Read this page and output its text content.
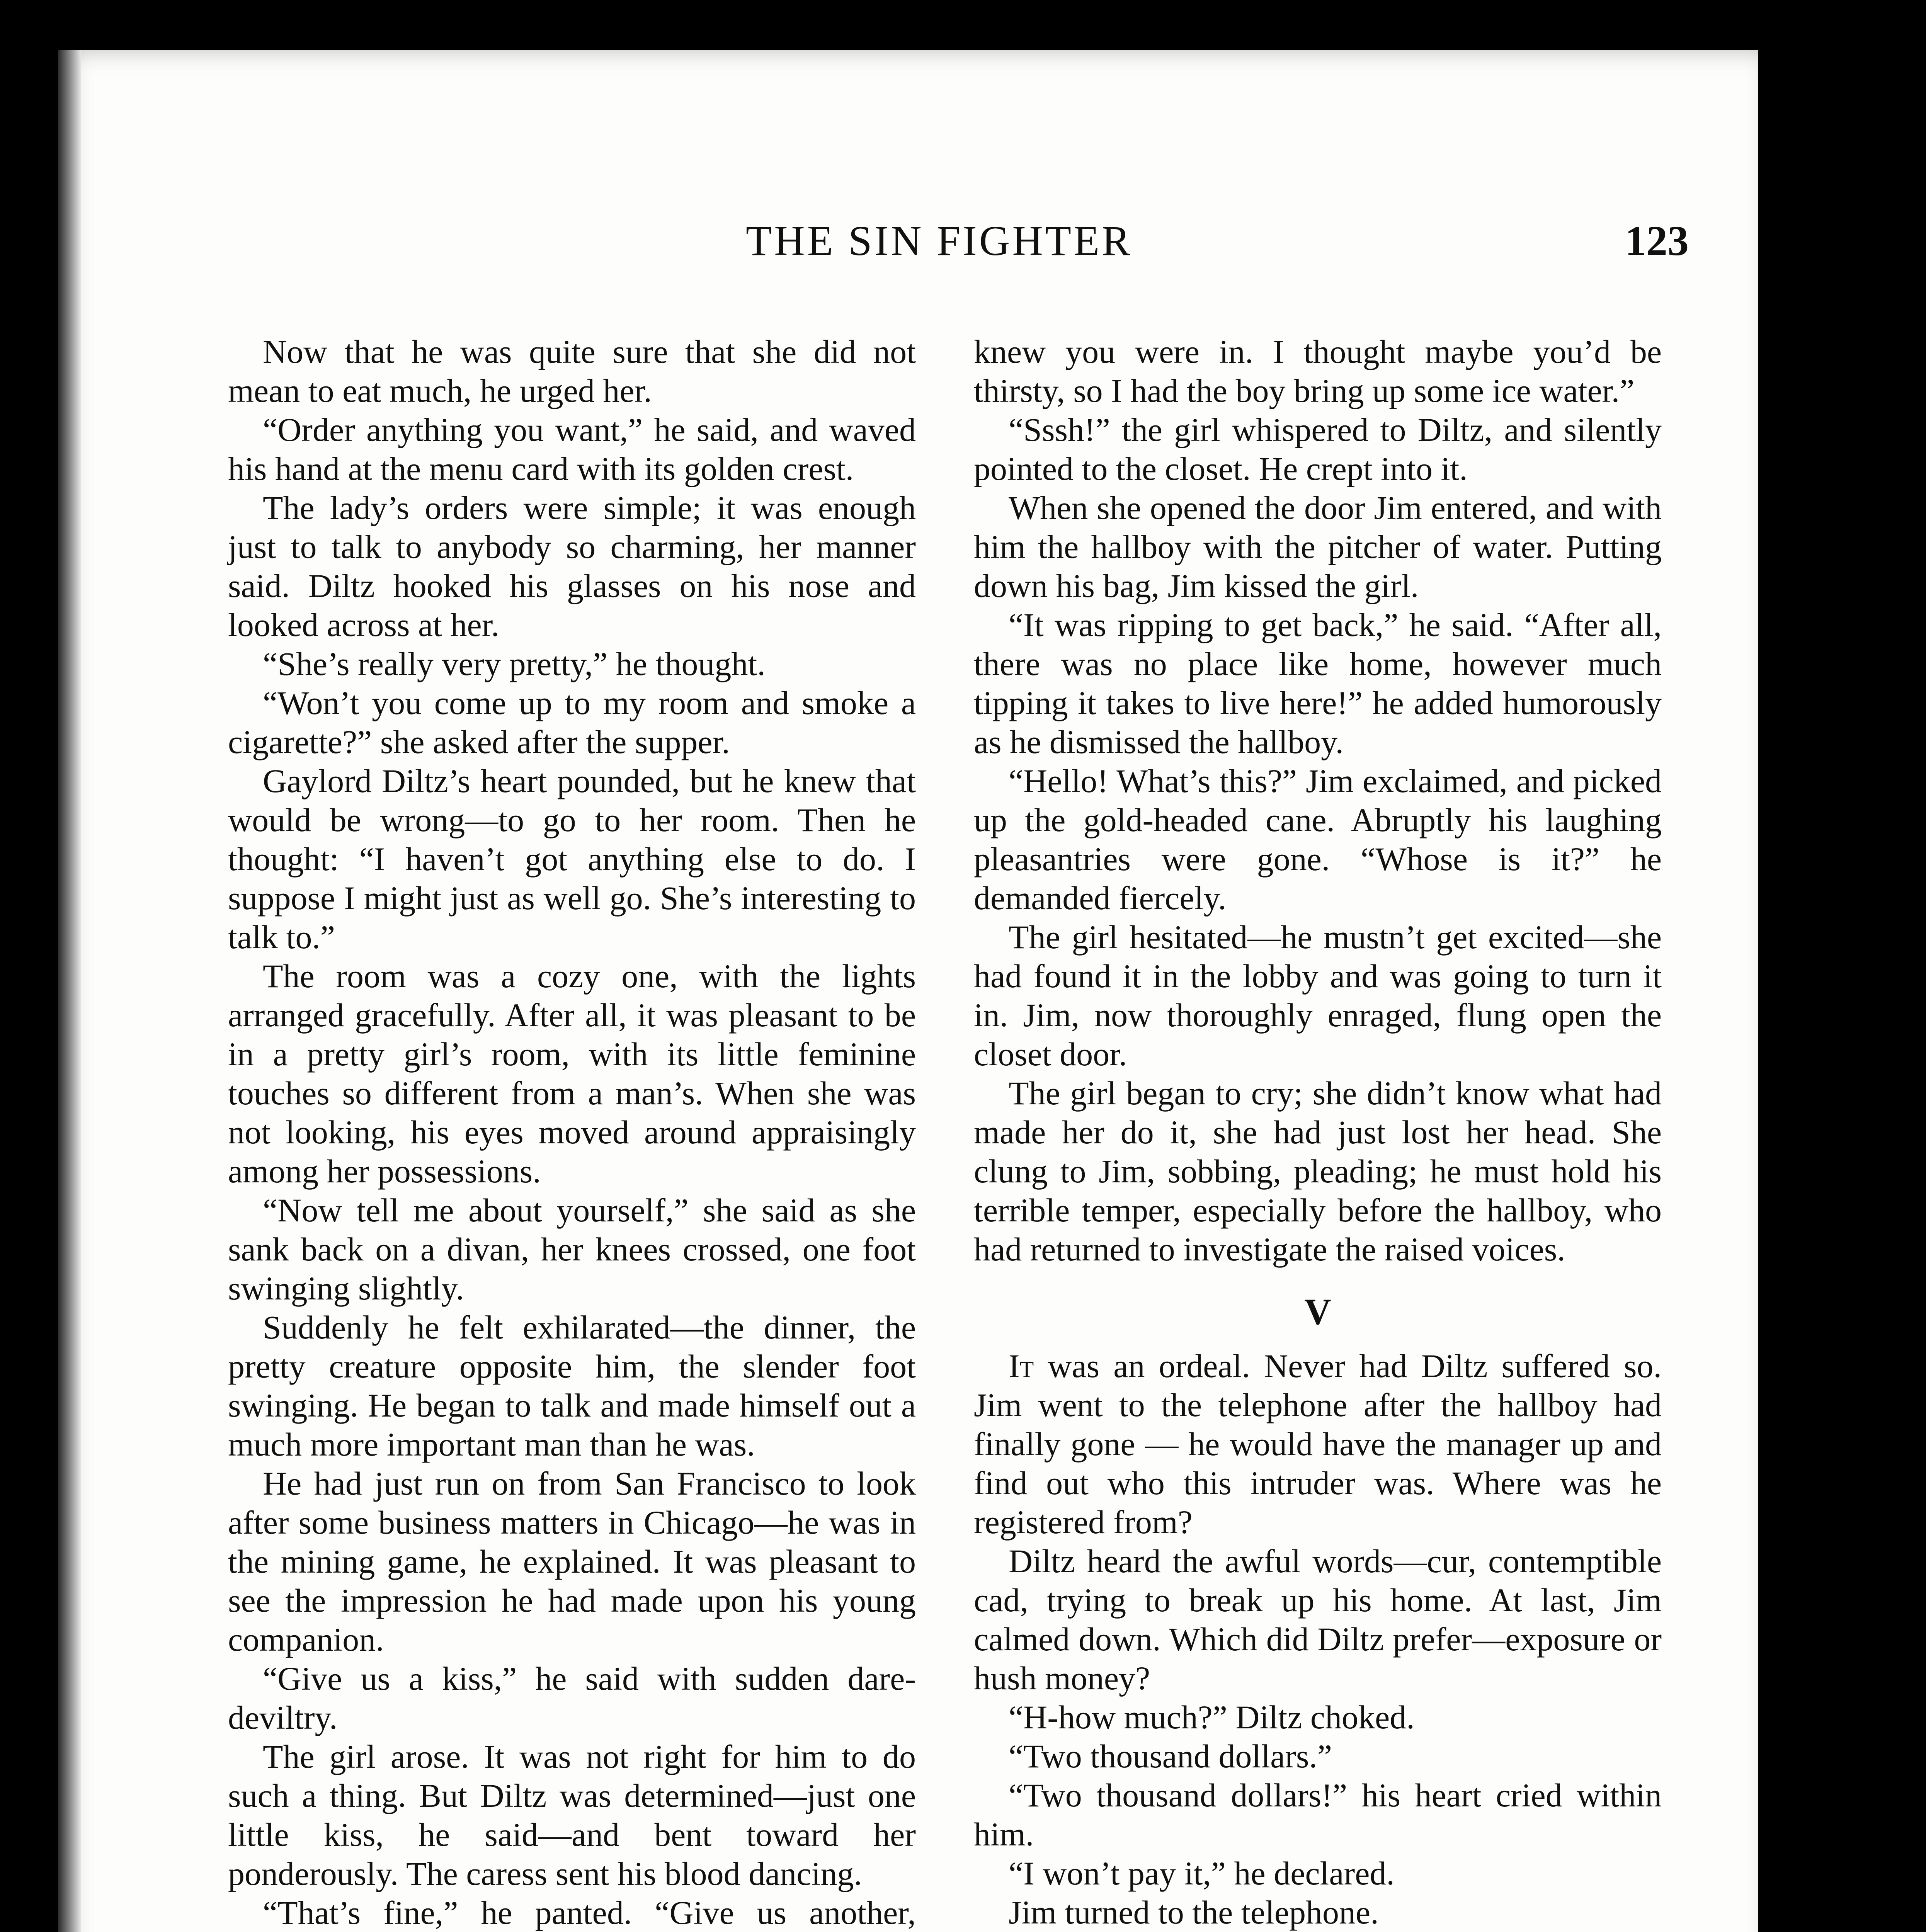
THE SIN FIGHTER	123

Now that he was quite sure that she did not mean to eat much, he urged her.

“Order anything you want,” he said, and waved his hand at the menu card with its golden crest.

The lady’s orders were simple; it was enough just to talk to anybody so charming, her manner said. Diltz hooked his glasses on his nose and looked across at her.

“She’s really very pretty,” he thought.

“Won’t you come up to my room and smoke a cigarette?” she asked after the supper.

Gaylord Diltz’s heart pounded, but he knew that would be wrong—to go to her room. Then he thought: “I haven’t got anything else to do. I suppose I might just as well go. She’s interesting to talk to.”

The room was a cozy one, with the lights arranged gracefully. After all, it was pleasant to be in a pretty girl’s room, with its little feminine touches so different from a man’s. When she was not looking, his eyes moved around appraisingly among her possessions.

“Now tell me about yourself,” she said as she sank back on a divan, her knees crossed, one foot swinging slightly.

Suddenly he felt exhilarated—the dinner, the pretty creature opposite him, the slender foot swinging. He began to talk and made himself out a much more important man than he was.

He had just run on from San Francisco to look after some business matters in Chicago—he was in the mining game, he explained. It was pleasant to see the impression he had made upon his young companion.

“Give us a kiss,” he said with sudden dare-deviltry.

The girl arose. It was not right for him to do such a thing. But Diltz was determined—just one little kiss, he said—and bent toward her ponderously. The caress sent his blood dancing.

“That’s fine,” he panted. “Give us another,

knew you were in. I thought maybe you’d be thirsty, so I had the boy bring up some ice water.”

“Sssh!” the girl whispered to Diltz, and silently pointed to the closet. He crept into it.

When she opened the door Jim entered, and with him the hallboy with the pitcher of water. Putting down his bag, Jim kissed the girl.

“It was ripping to get back,” he said. “After all, there was no place like home, however much tipping it takes to live here!” he added humorously as he dismissed the hallboy.

“Hello! What’s this?” Jim exclaimed, and picked up the gold-headed cane. Abruptly his laughing pleasantries were gone. “Whose is it?” he demanded fiercely.

The girl hesitated—he mustn’t get excited—she had found it in the lobby and was going to turn it in. Jim, now thoroughly enraged, flung open the closet door.

The girl began to cry; she didn’t know what had made her do it, she had just lost her head. She clung to Jim, sobbing, pleading; he must hold his terrible temper, especially before the hallboy, who had returned to investigate the raised voices.

V

It was an ordeal. Never had Diltz suffered so. Jim went to the telephone after the hallboy had finally gone — he would have the manager up and find out who this intruder was. Where was he registered from?

Diltz heard the awful words—cur, contemptible cad, trying to break up his home. At last, Jim calmed down. Which did Diltz prefer—exposure or hush money?

“H-how much?” Diltz choked.

“Two thousand dollars.”

“Two thousand dollars!” his heart cried within him.

“I won’t pay it,” he declared.

Jim turned to the telephone.
